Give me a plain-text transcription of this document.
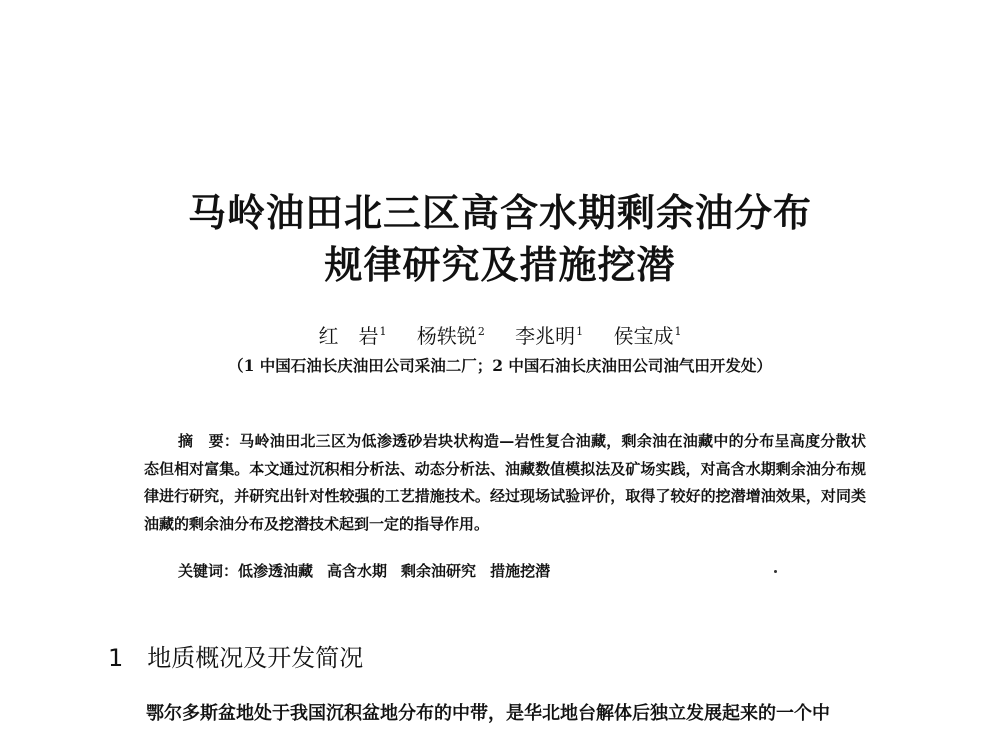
马岭油田北三区高含水期剩余油分布
规律研究及措施挖潜
红　岩$^1$ 杨轶锐$^2$ 李兆明$^1$ 侯宝成$^1$
（1 中国石油长庆油田公司采油二厂；2 中国石油长庆油田公司油气田开发处）
摘　要：马岭油田北三区为低渗透砂岩块状构造—岩性复合油藏，剩余油在油藏中的分布呈高度分散状态但相对富集。本文通过沉积相分析法、动态分析法、油藏数值模拟法及矿场实践，对高含水期剩余油分布规律进行研究，并研究出针对性较强的工艺措施技术。经过现场试验评价，取得了较好的挖潜增油效果，对同类油藏的剩余油分布及挖潜技术起到一定的指导作用。
关键词：低渗透油藏 高含水期 剩余油研究 措施挖潜
1 地质概况及开发简况
鄂尔多斯盆地处于我国沉积盆地分布的中带，是华北地台解体后独立发展起来的一个中
